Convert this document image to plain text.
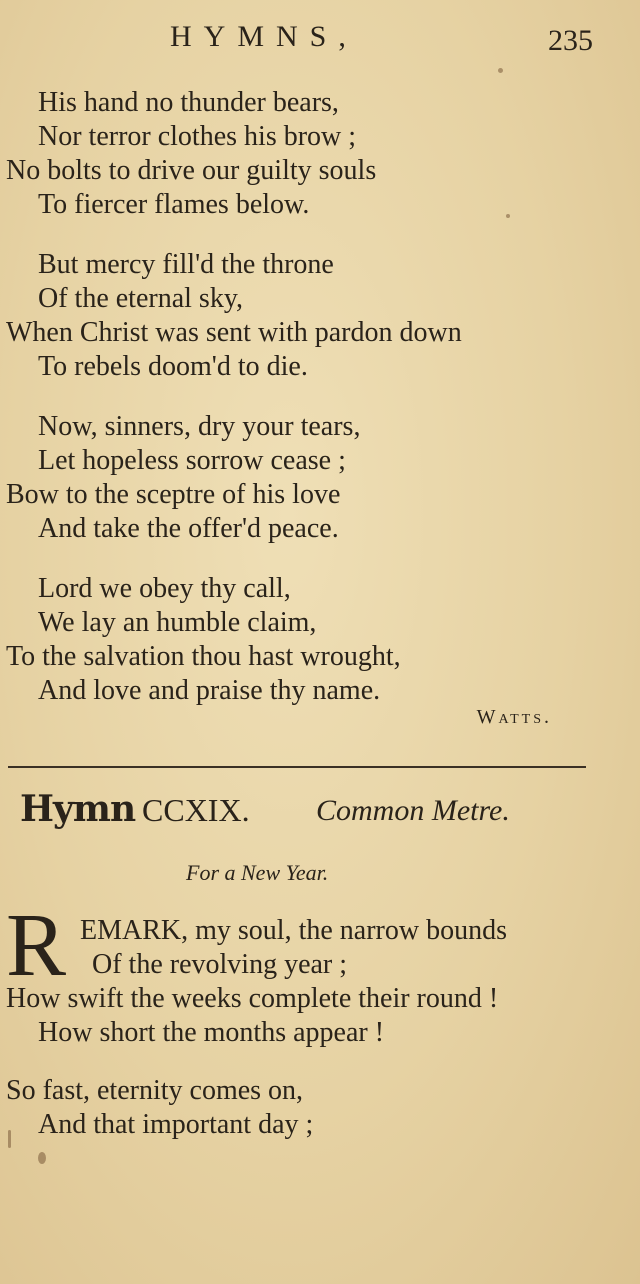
HYMNS,	235
His hand no thunder bears,
Nor terror clothes his brow ;
No bolts to drive our guilty souls
To fiercer flames below.
But mercy fill'd the throne
Of the eternal sky,
When Christ was sent with pardon down
To rebels doom'd to die.
Now, sinners, dry your tears,
Let hopeless sorrow cease ;
Bow to the sceptre of his love
And take the offer'd peace.
Lord we obey thy call,
We lay an humble claim,
To the salvation thou hast wrought,
And love and praise thy name.
Watts.
Hymn CCXIX. Common Metre.
For a New Year.
R EMARK, my soul, the narrow bounds
Of the revolving year ;
How swift the weeks complete their round !
How short the months appear !
So fast, eternity comes on,
And that important day ;
